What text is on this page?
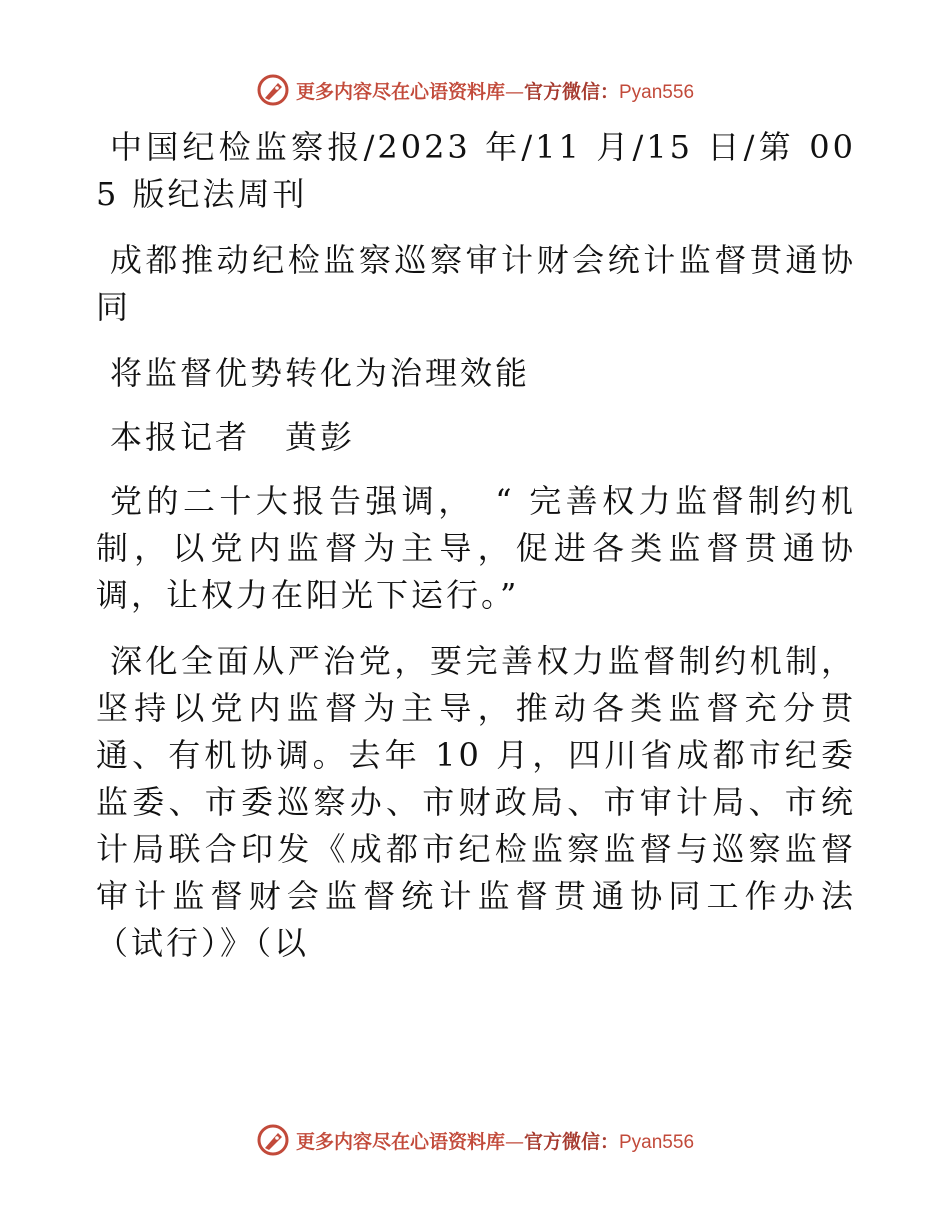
更多内容尽在心语资料库—官方微信：Pyan556

中国纪检监察报/2023 年/11 月/15 日/第 005 版纪法周刊

成都推动纪检监察巡察审计财会统计监督贯通协同

将监督优势转化为治理效能

本报记者　黄彭

党的二十大报告强调，　“ 完善权力监督制约机制，以党内监督为主导，促进各类监督贯通协调，让权力在阳光下运行。”

深化全面从严治党，要完善权力监督制约机制，坚持以党内监督为主导，推动各类监督充分贯通、有机协调。去年 10 月，四川省成都市纪委监委、市委巡察办、市财政局、市审计局、市统计局联合印发《成都市纪检监察监督与巡察监督审计监督财会监督统计监督贯通协同工作办法（试行）》（以

更多内容尽在心语资料库—官方微信：Pyan556
